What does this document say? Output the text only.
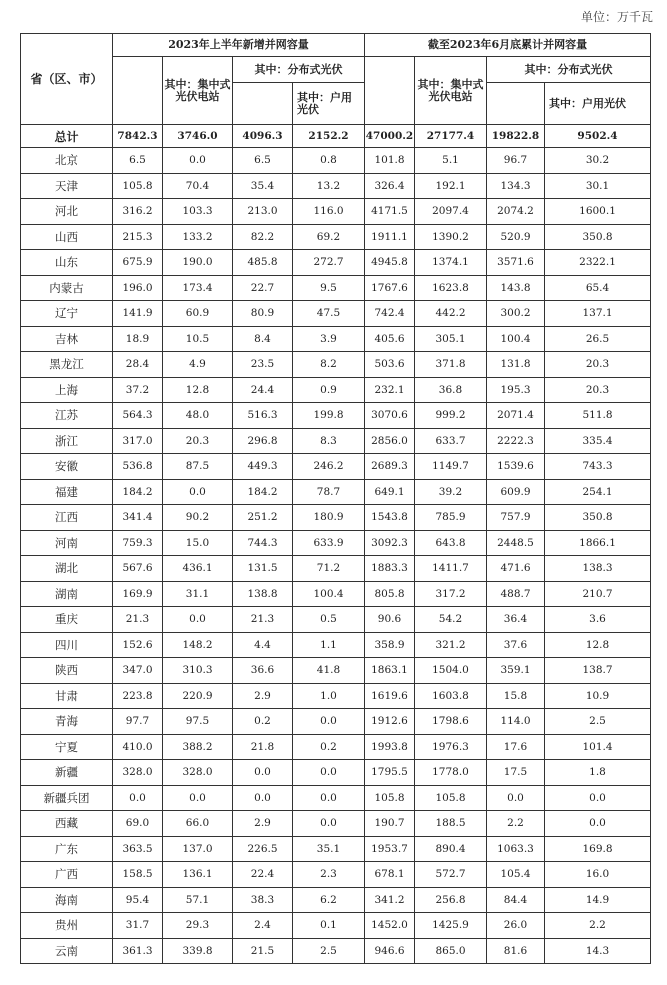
单位：万千瓦
省（区、市）	2023年上半年新增并网容量				截至2023年6月底累计并网容量			
		其中：集中式光伏电站	其中：分布式光伏			其中：集中式光伏电站	其中：分布式光伏	
				其中：户用光伏				其中：户用光伏
总计	7842.3	3746.0	4096.3	2152.2	47000.2	27177.4	19822.8	9502.4
北京	6.5	0.0	6.5	0.8	101.8	5.1	96.7	30.2
天津	105.8	70.4	35.4	13.2	326.4	192.1	134.3	30.1
河北	316.2	103.3	213.0	116.0	4171.5	2097.4	2074.2	1600.1
山西	215.3	133.2	82.2	69.2	1911.1	1390.2	520.9	350.8
山东	675.9	190.0	485.8	272.7	4945.8	1374.1	3571.6	2322.1
内蒙古	196.0	173.4	22.7	9.5	1767.6	1623.8	143.8	65.4
辽宁	141.9	60.9	80.9	47.5	742.4	442.2	300.2	137.1
吉林	18.9	10.5	8.4	3.9	405.6	305.1	100.4	26.5
黑龙江	28.4	4.9	23.5	8.2	503.6	371.8	131.8	20.3
上海	37.2	12.8	24.4	0.9	232.1	36.8	195.3	20.3
江苏	564.3	48.0	516.3	199.8	3070.6	999.2	2071.4	511.8
浙江	317.0	20.3	296.8	8.3	2856.0	633.7	2222.3	335.4
安徽	536.8	87.5	449.3	246.2	2689.3	1149.7	1539.6	743.3
福建	184.2	0.0	184.2	78.7	649.1	39.2	609.9	254.1
江西	341.4	90.2	251.2	180.9	1543.8	785.9	757.9	350.8
河南	759.3	15.0	744.3	633.9	3092.3	643.8	2448.5	1866.1
湖北	567.6	436.1	131.5	71.2	1883.3	1411.7	471.6	138.3
湖南	169.9	31.1	138.8	100.4	805.8	317.2	488.7	210.7
重庆	21.3	0.0	21.3	0.5	90.6	54.2	36.4	3.6
四川	152.6	148.2	4.4	1.1	358.9	321.2	37.6	12.8
陕西	347.0	310.3	36.6	41.8	1863.1	1504.0	359.1	138.7
甘肃	223.8	220.9	2.9	1.0	1619.6	1603.8	15.8	10.9
青海	97.7	97.5	0.2	0.0	1912.6	1798.6	114.0	2.5
宁夏	410.0	388.2	21.8	0.2	1993.8	1976.3	17.6	101.4
新疆	328.0	328.0	0.0	0.0	1795.5	1778.0	17.5	1.8
新疆兵团	0.0	0.0	0.0	0.0	105.8	105.8	0.0	0.0
西藏	69.0	66.0	2.9	0.0	190.7	188.5	2.2	0.0
广东	363.5	137.0	226.5	35.1	1953.7	890.4	1063.3	169.8
广西	158.5	136.1	22.4	2.3	678.1	572.7	105.4	16.0
海南	95.4	57.1	38.3	6.2	341.2	256.8	84.4	14.9
贵州	31.7	29.3	2.4	0.1	1452.0	1425.9	26.0	2.2
云南	361.3	339.8	21.5	2.5	946.6	865.0	81.6	14.3
